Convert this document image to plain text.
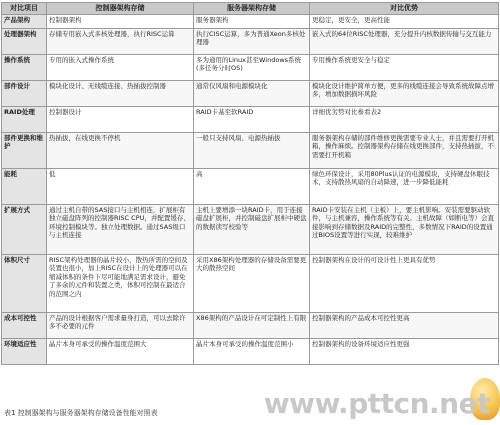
对比项目	控制器架构存储	服务器架构存储	对比优势
产品架构	控制器架构	服务器架构	更稳定，更安全，更高性能
处理器架构	存储专用嵌入式多核处理器，执行RISC运算	执行CISC运算，多为普通Xeon多核处理器	嵌入式的64位RISC处理器，充分提升内核数据传输与交互能力
操作系统	专用的嵌入式操作系统	多为通用的Linux甚至Windows系统(多任务分时OS)	专用操作系统更安全与稳定
部件设计	模块化设计、无线缆连接、热插拔控制器	通常仅风扇和电源模块化	模块化设计维护简单方便，更多的线缆连接会导致系统故障点增多，增加数据损坏风险
RAID处理	控制器设计	RAID卡基至软RAID	详细优劣势对比参看表2
部件更换和维护	热插拔，在线更换不停机	一般只支持风扇、电源热插拔	服务器架构存储的部件维修更换需要专业人士，并且需要打开机箱，操作麻烦。控制器架构存储在线更换部件，支持热插拔，不需要打开机箱
能耗	低	高	绿色环保设计，采用80Plus认证的电源模块，支持硬盘休眠技术，支持散热风扇的自动降速，进一步降低能耗
扩展方式	通过主机自带的SAS接口与主机相连，扩展柜有独立磁盘阵列的控制器RISC CPU，并配置缓存、环境控制模块等。独立处理数据。通过SAS级口与主机连接	主机上要增添一块RAID卡，用于连接磁盘扩展柜，并控制磁盘扩展柜中硬盘的数据读写校验等	RAID卡安装在主机（主板）上，要主机影响。安装需要驱动软件，与主机兼容，操作系统等有关。主机故障（如断电等）会直接影响到存储数据及RAID的完整性，多数情况下RAID的设置通过BIOS设置等进行实现，较难维护
体积尺寸	RISC架构处理器的晶片较小，散热所需的空间及装置也很小，加上RISC在设计上的处理器可以在缩减体积的条件下尽可能地满足需求设计，避免了多余的元件和装置之类，体积可控制在最适合的范围之内	采用X86架构处理器的存储设备需要更大的散热空间	控制器架构在设计的可设计性上更具有优势
成本可控性	产品的设计根据客户需求量身打造，可以去除许多不必要的元件	X86架构的产品设计在可定制性上有限	控制器架构的产品成本可控性更高
环境适应性	晶片本身可承受的操作温度范围大	晶片本身可承受的操作温度范围小	控制器架构的设备环境适应性更强
www.pttcn.net
表1 控制器架构与服务器架构存储设备性能对照表
